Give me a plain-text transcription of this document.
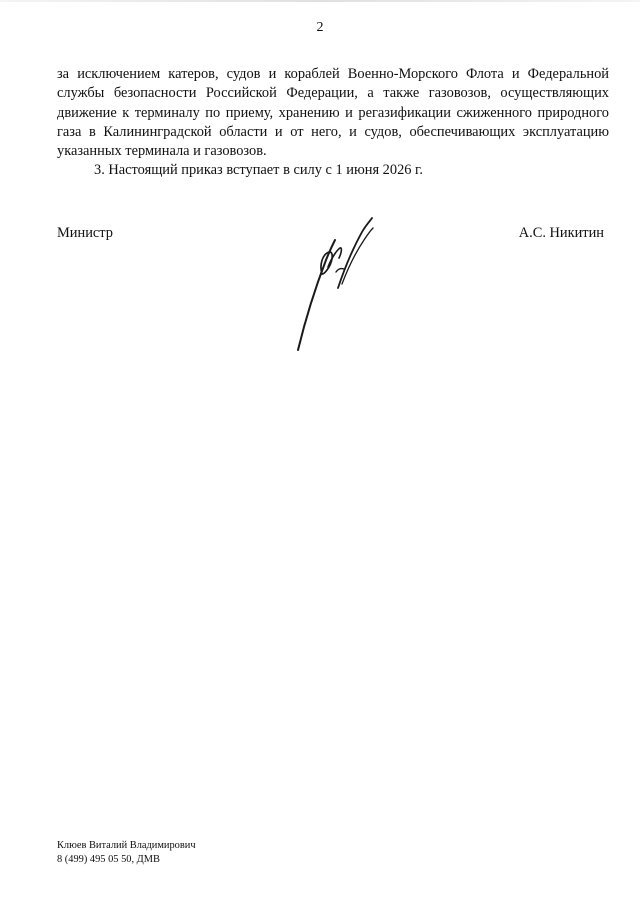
2

за исключением катеров, судов и кораблей Военно-Морского Флота и Федеральной службы безопасности Российской Федерации, а также газовозов, осуществляющих движение к терминалу по приему, хранению и регазификации сжиженного природного газа в Калининградской области и от него, и судов, обеспечивающих эксплуатацию указанных терминала и газовозов.

3. Настоящий приказ вступает в силу с 1 июня 2026 г.

Министр	А.С. Никитин
Клюев Виталий Владимирович
8 (499) 495 05 50, ДМВ
